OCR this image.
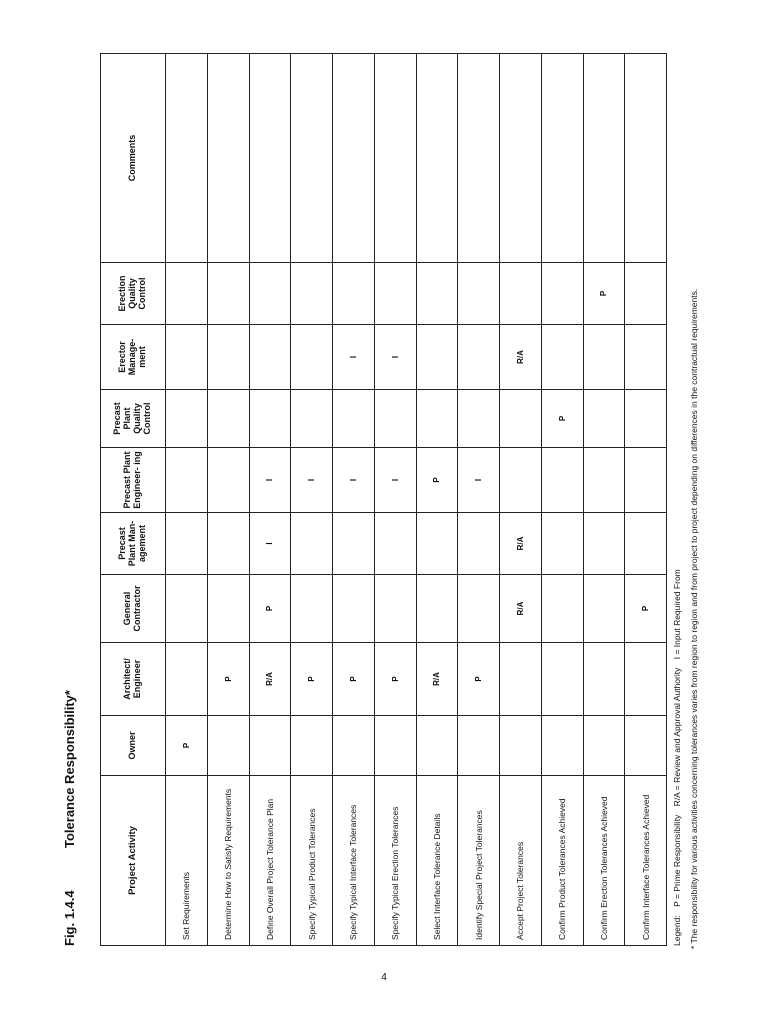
Fig. 1.4.4Tolerance Responsibility*
Project Activity	Owner	Architect/ Engineer	General Contractor	Precast Plant Man- agement	Precast Plant Engineer- ing	Precast Plant Quality Control	Erector Manage- ment	Erection Quality Control	Comments	
Set Requirements	P									
Determine How to Satisfy Requirements		P								
Define Overall Project Tolerance Plan		R/A	P	I	I					
Specify Typical Product Tolerances		P			I					
Specify Typical Interface Tolerances		P			I		I			
Specify Typical Erection Tolerances		P			I		I			
Select Interface Tolerance Details		R/A			P					
Identify Special Project Tolerances		P			I					
Accept Project Tolerances			R/A	R/A			R/A			
Confirm Product Tolerances Achieved						P				
Confirm Erection Tolerances Achieved								P		
Confirm Interface Tolerances Achieved			P							
Legend: P = Prime Responsibility R/A = Review and Approval Authority I = Input Required From * The responsibility for various activities concerning tolerances varies from region to region and from project to project depending on differences in the contractual requirements.
4
